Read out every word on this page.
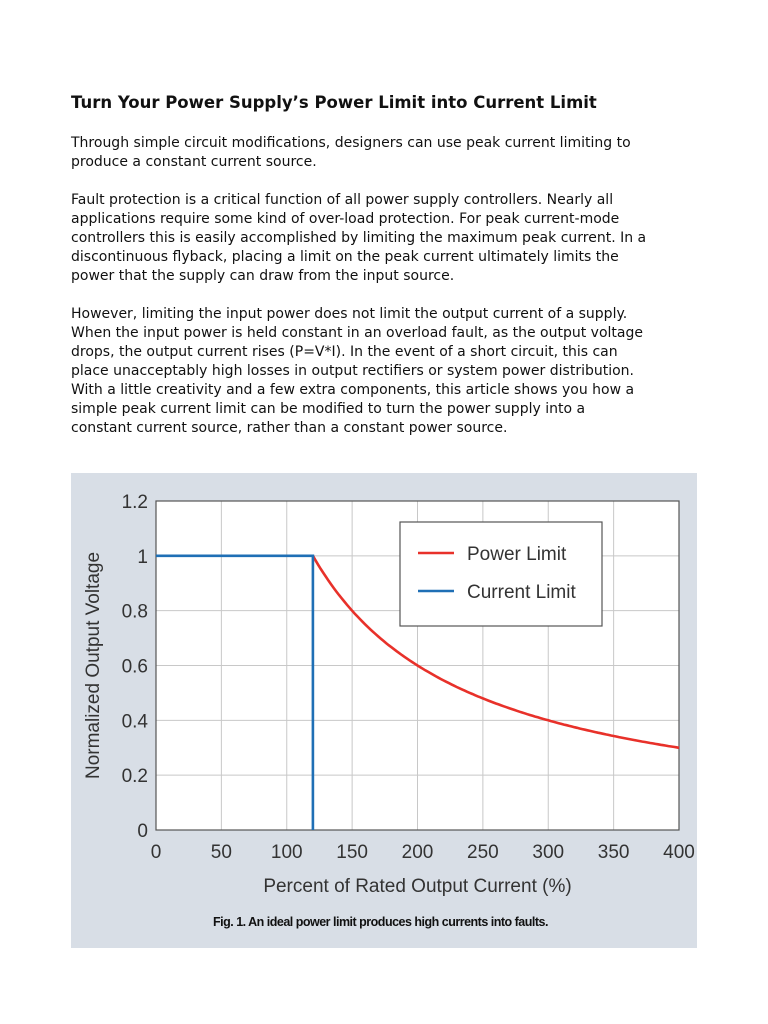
Turn Your Power Supply’s Power Limit into Current Limit

Through simple circuit modifications, designers can use peak current limiting to
produce a constant current source.

Fault protection is a critical function of all power supply controllers. Nearly all
applications require some kind of over-load protection. For peak current-mode
controllers this is easily accomplished by limiting the maximum peak current. In a
discontinuous flyback, placing a limit on the peak current ultimately limits the
power that the supply can draw from the input source.

However, limiting the input power does not limit the output current of a supply.
When the input power is held constant in an overload fault, as the output voltage
drops, the output current rises (P=V*I). In the event of a short circuit, this can
place unacceptably high losses in output rectifiers or system power distribution.
With a little creativity and a few extra components, this article shows you how a
simple peak current limit can be modified to turn the power supply into a
constant current source, rather than a constant power source.

0	50 100 150 200 250 300 350 400
0
0.2
0.4
0.6
0.8
1
1.2
Percent of Rated Output Current (%)
Normalized Output Voltage	Power Limit
Current Limit
Fig. 1. An ideal power limit produces high currents into faults.
